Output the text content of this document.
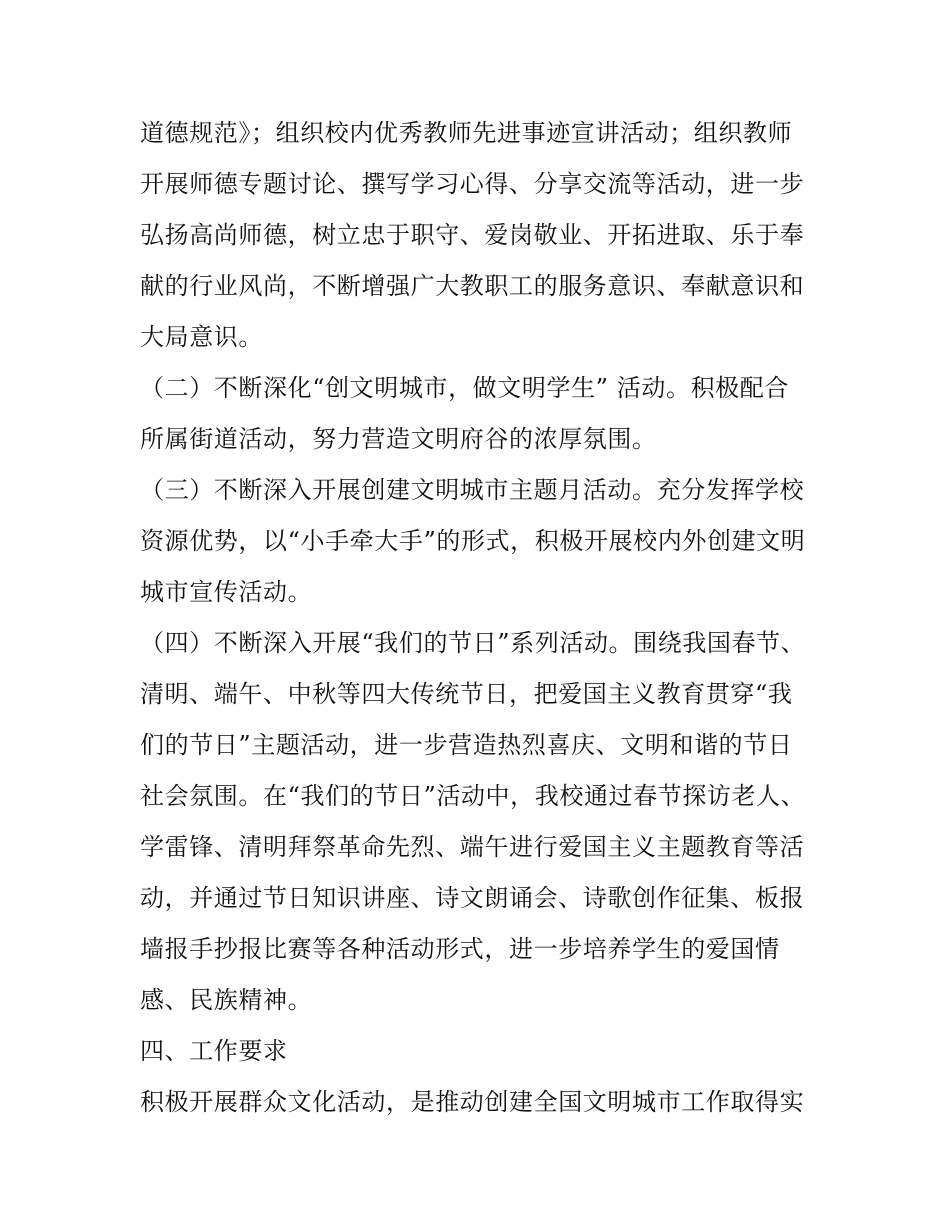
道德规范》；组织校内优秀教师先进事迹宣讲活动；组织教师
开展师德专题讨论、撰写学习心得、分享交流等活动，进一步
弘扬高尚师德，树立忠于职守、爱岗敬业、开拓进取、乐于奉
献的行业风尚，不断增强广大教职工的服务意识、奉献意识和
大局意识。
（二）不断深化“创文明城市，做文明学生” 活动。积极配合
所属街道活动，努力营造文明府谷的浓厚氛围。
（三）不断深入开展创建文明城市主题月活动。充分发挥学校
资源优势，以“小手牵大手”的形式，积极开展校内外创建文明
城市宣传活动。
（四）不断深入开展“我们的节日”系列活动。围绕我国春节、
清明、端午、中秋等四大传统节日，把爱国主义教育贯穿“我
们的节日”主题活动，进一步营造热烈喜庆、文明和谐的节日
社会氛围。在“我们的节日”活动中，我校通过春节探访老人、
学雷锋、清明拜祭革命先烈、端午进行爱国主义主题教育等活
动，并通过节日知识讲座、诗文朗诵会、诗歌创作征集、板报
墙报手抄报比赛等各种活动形式，进一步培养学生的爱国情
感、民族精神。
四、工作要求
积极开展群众文化活动，是推动创建全国文明城市工作取得实
